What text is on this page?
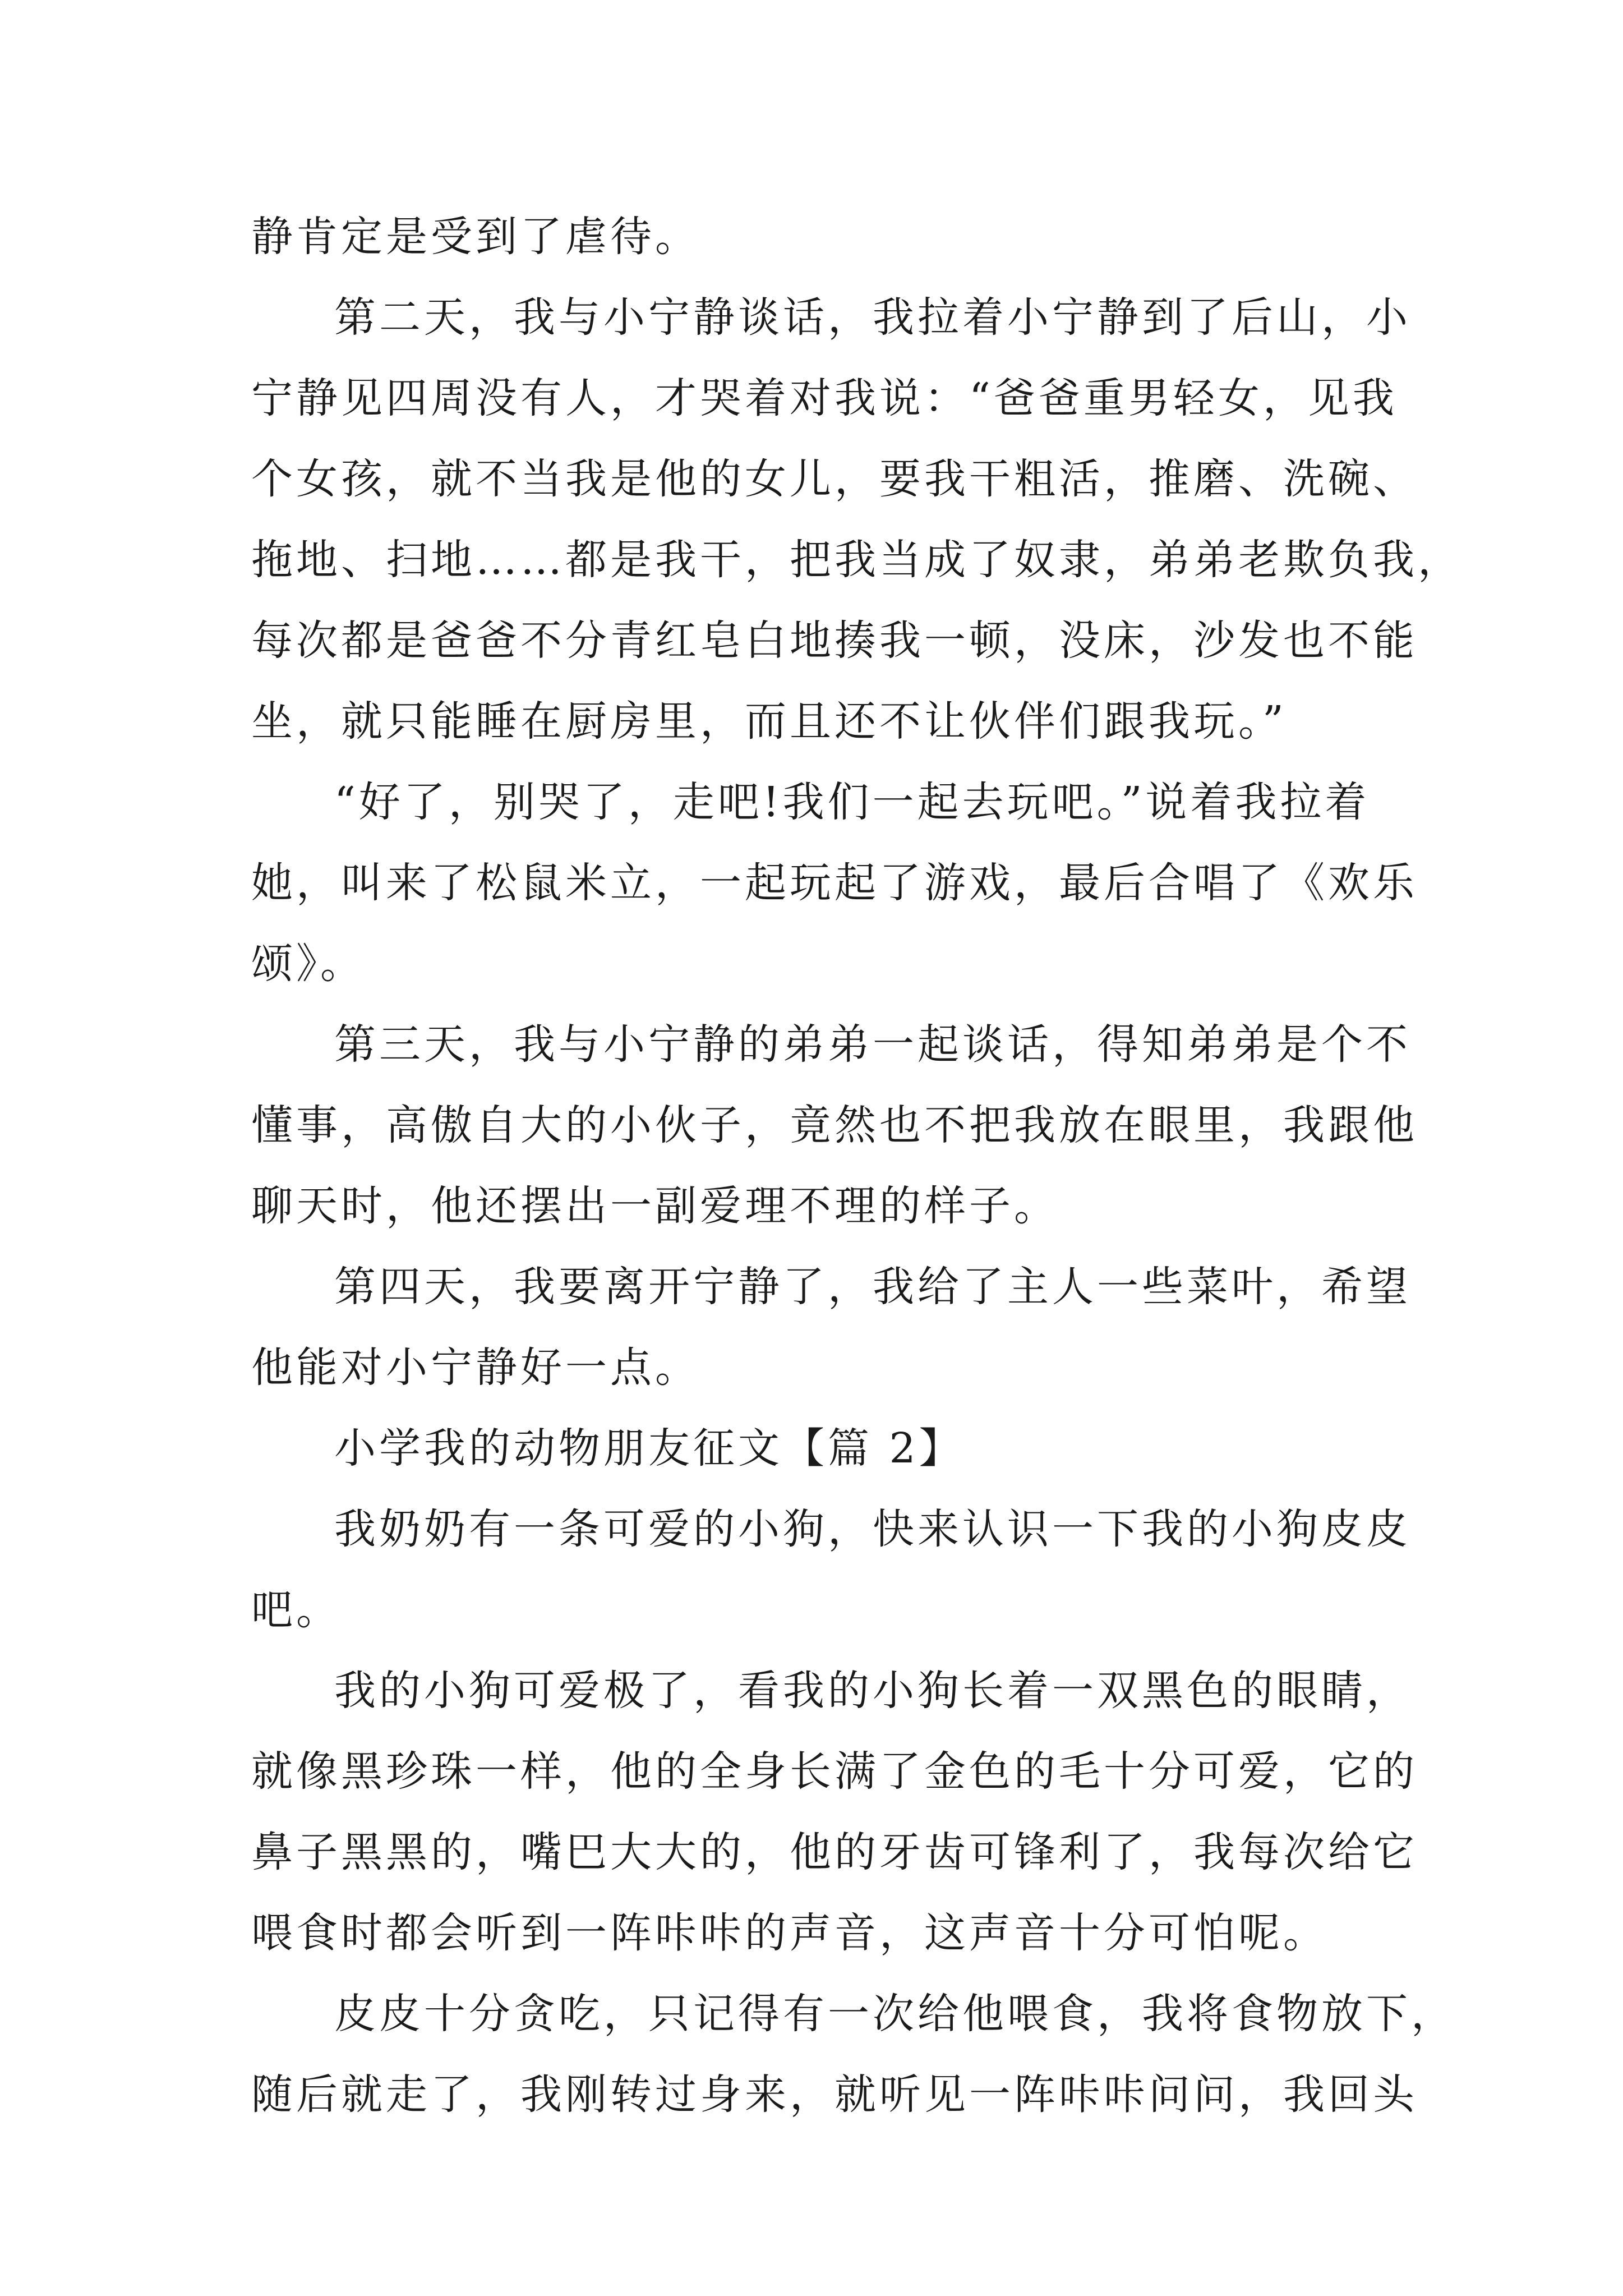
静肯定是受到了虐待。
第二天，我与小宁静谈话，我拉着小宁静到了后山，小
宁静见四周没有人，才哭着对我说：“爸爸重男轻女，见我
个女孩，就不当我是他的女儿，要我干粗活，推磨、洗碗、
拖地、扫地……都是我干，把我当成了奴隶，弟弟老欺负我，
每次都是爸爸不分青红皂白地揍我一顿，没床，沙发也不能
坐，就只能睡在厨房里，而且还不让伙伴们跟我玩。”
“好了，别哭了，走吧!我们一起去玩吧。”说着我拉着
她，叫来了松鼠米立，一起玩起了游戏，最后合唱了《欢乐
颂》。
第三天，我与小宁静的弟弟一起谈话，得知弟弟是个不
懂事，高傲自大的小伙子，竟然也不把我放在眼里，我跟他
聊天时，他还摆出一副爱理不理的样子。
第四天，我要离开宁静了，我给了主人一些菜叶，希望
他能对小宁静好一点。
小学我的动物朋友征文【篇 2】
我奶奶有一条可爱的小狗，快来认识一下我的小狗皮皮
吧。
我的小狗可爱极了，看我的小狗长着一双黑色的眼睛，
就像黑珍珠一样，他的全身长满了金色的毛十分可爱，它的
鼻子黑黑的，嘴巴大大的，他的牙齿可锋利了，我每次给它
喂食时都会听到一阵咔咔的声音，这声音十分可怕呢。
皮皮十分贪吃，只记得有一次给他喂食，我将食物放下，
随后就走了，我刚转过身来，就听见一阵咔咔问问，我回头
